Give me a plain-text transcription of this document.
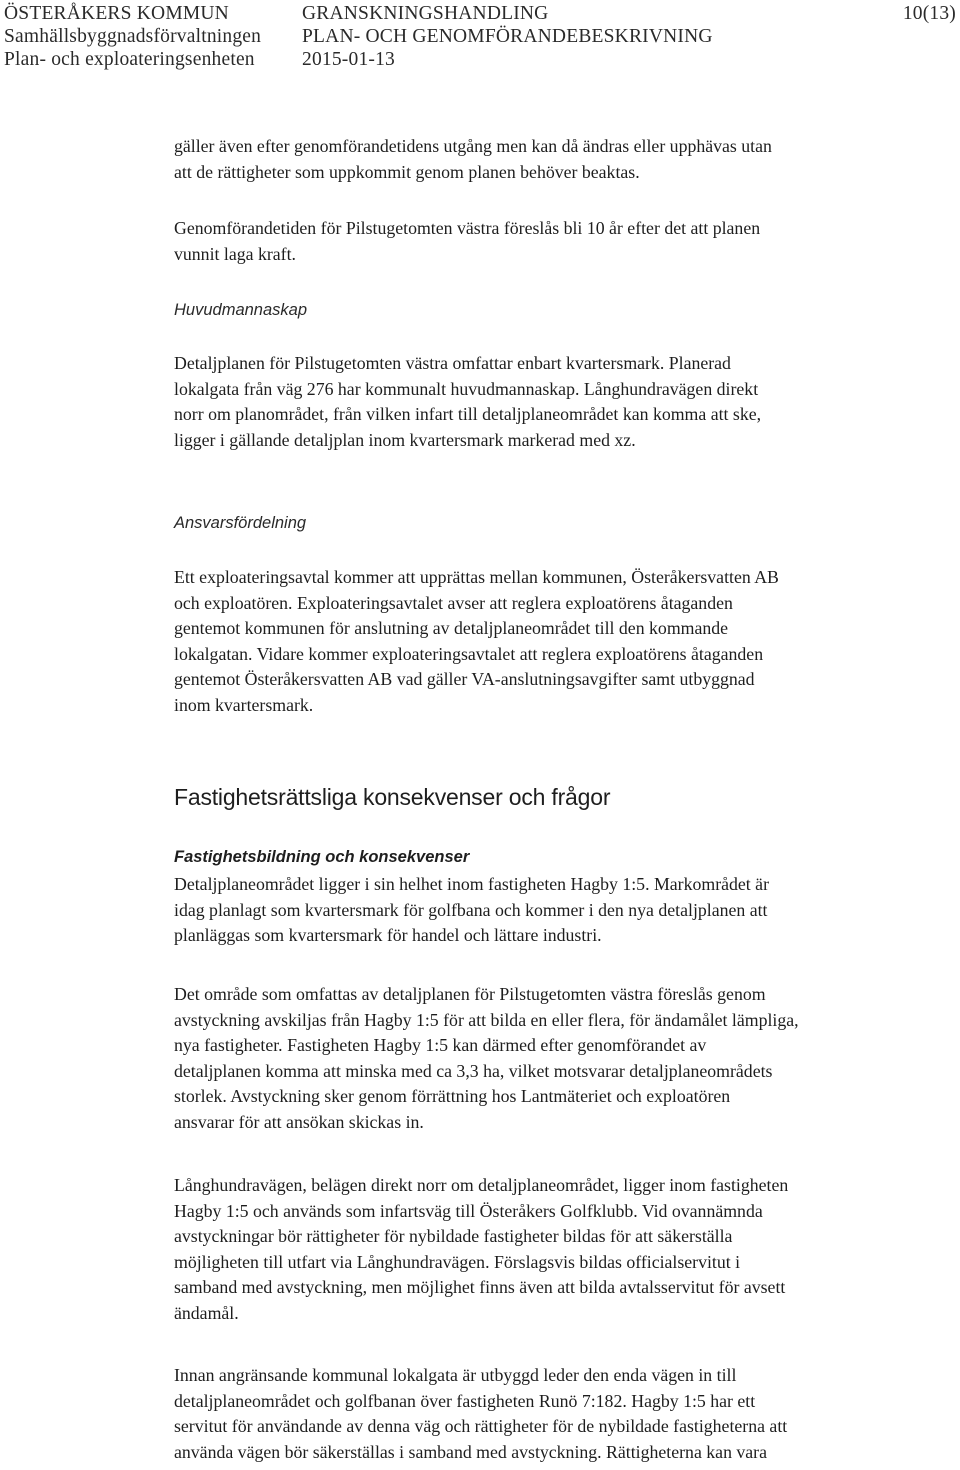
ÖSTERÅKERS KOMMUN
Samhällsbyggnadsförvaltningen
Plan- och exploateringsenheten
GRANSKNINGSHANDLING
PLAN- OCH GENOMFÖRANDEBESKRIVNING
2015-01-13
10(13)

gäller även efter genomförandetidens utgång men kan då ändras eller upphävas utan
att de rättigheter som uppkommit genom planen behöver beaktas.

Genomförandetiden för Pilstugetomten västra föreslås bli 10 år efter det att planen
vunnit laga kraft.

Huvudmannaskap

Detaljplanen för Pilstugetomten västra omfattar enbart kvartersmark. Planerad
lokalgata från väg 276 har kommunalt huvudmannaskap. Långhundravägen direkt
norr om planområdet, från vilken infart till detaljplaneområdet kan komma att ske,
ligger i gällande detaljplan inom kvartersmark markerad med xz.

Ansvarsfördelning

Ett exploateringsavtal kommer att upprättas mellan kommunen, Österåkersvatten AB
och exploatören. Exploateringsavtalet avser att reglera exploatörens åtaganden
gentemot kommunen för anslutning av detaljplaneområdet till den kommande
lokalgatan. Vidare kommer exploateringsavtalet att reglera exploatörens åtaganden
gentemot Österåkersvatten AB vad gäller VA-anslutningsavgifter samt utbyggnad
inom kvartersmark.

Fastighetsrättsliga konsekvenser och frågor

Fastighetsbildning och konsekvenser

Detaljplaneområdet ligger i sin helhet inom fastigheten Hagby 1:5. Markområdet är
idag planlagt som kvartersmark för golfbana och kommer i den nya detaljplanen att
planläggas som kvartersmark för handel och lättare industri.

Det område som omfattas av detaljplanen för Pilstugetomten västra föreslås genom
avstyckning avskiljas från Hagby 1:5 för att bilda en eller flera, för ändamålet lämpliga,
nya fastigheter. Fastigheten Hagby 1:5 kan därmed efter genomförandet av
detaljplanen komma att minska med ca 3,3 ha, vilket motsvarar detaljplaneområdets
storlek. Avstyckning sker genom förrättning hos Lantmäteriet och exploatören
ansvarar för att ansökan skickas in.

Långhundravägen, belägen direkt norr om detaljplaneområdet, ligger inom fastigheten
Hagby 1:5 och används som infartsväg till Österåkers Golfklubb. Vid ovannämnda
avstyckningar bör rättigheter för nybildade fastigheter bildas för att säkerställa
möjligheten till utfart via Långhundravägen. Förslagsvis bildas officialservitut i
samband med avstyckning, men möjlighet finns även att bilda avtalsservitut för avsett
ändamål.

Innan angränsande kommunal lokalgata är utbyggd leder den enda vägen in till
detaljplaneområdet och golfbanan över fastigheten Runö 7:182. Hagby 1:5 har ett
servitut för användande av denna väg och rättigheter för de nybildade fastigheterna att
använda vägen bör säkerställas i samband med avstyckning. Rättigheterna kan vara
